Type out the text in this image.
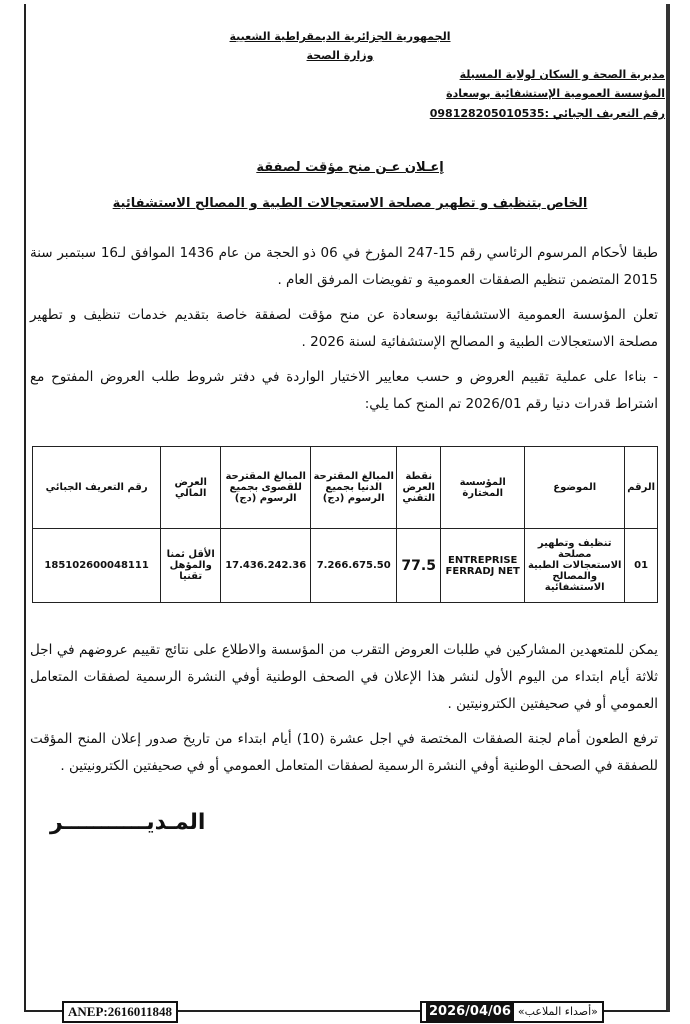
الجمهورية الجزائرية الديمقراطية الشعبية
وزارة الصحة
مديرية الصحة و السكان لولاية المسيلة
المؤسسة العمومية الإستشفائية بوسعادة
رقم التعريف الجبائي :098128205010535
إعـلان عـن منح مؤقت لصفقة
الخاص بتنظيف و تطهير مصلحة الاستعجالات الطبية و المصالح الاستشفائية
طبقا لأحكام المرسوم الرئاسي رقم 15-247 المؤرخ في 06 ذو الحجة من عام 1436 الموافق لـ16 سبتمبر سنة 2015 المتضمن تنظيم الصفقات العمومية و تفويضات المرفق العام .
تعلن المؤسسة العمومية الاستشفائية بوسعادة عن منح مؤقت لصفقة خاصة بتقديم خدمات تنظيف و تطهير مصلحة الاستعجالات الطبية و المصالح الإستشفائية لسنة 2026 .
- بناءا على عملية تقييم العروض و حسب معايير الاختيار الواردة في دفتر شروط طلب العروض المفتوح مع اشتراط قدرات دنيا رقم 2026/01 تم المنح كما يلي:
الرقم	الموضوع	المؤسسة المختارة	نقطة العرض التقني	المبالغ المقترحة الدنيا بجميع الرسوم (دج)	المبالغ المقترحة للقصوى بجميع الرسوم (دج)	العرض المالي	رقم التعريف الجبائي
01	تنظيف وتطهير مصلحة الاستعجالات الطبية والمصالح الاستشفائية	ENTREPRISE FERRADJ NET	77.5	7.266.675.50	17.436.242.36	الأقل ثمنا والمؤهل تقنيا	185102600048111
يمكن للمتعهدين المشاركين في طلبات العروض التقرب من المؤسسة والاطلاع على نتائج تقييم عروضهم في اجل ثلاثة أيام ابتداء من اليوم الأول لنشر هذا الإعلان في الصحف الوطنية أوفي النشرة الرسمية لصفقات المتعامل العمومي أو في صحيفتين الكترونيتين .
ترفع الطعون أمام لجنة الصفقات المختصة في اجل عشرة (10) أيام ابتداء من تاريخ صدور إعلان المنح المؤقت للصفقة في الصحف الوطنية أوفي النشرة الرسمية لصفقات المتعامل العمومي أو في صحيفتين الكترونيتين .
المـديـــــــــــر
ANEP:2616011848	«أصداء الملاعب»
2026/04/06
